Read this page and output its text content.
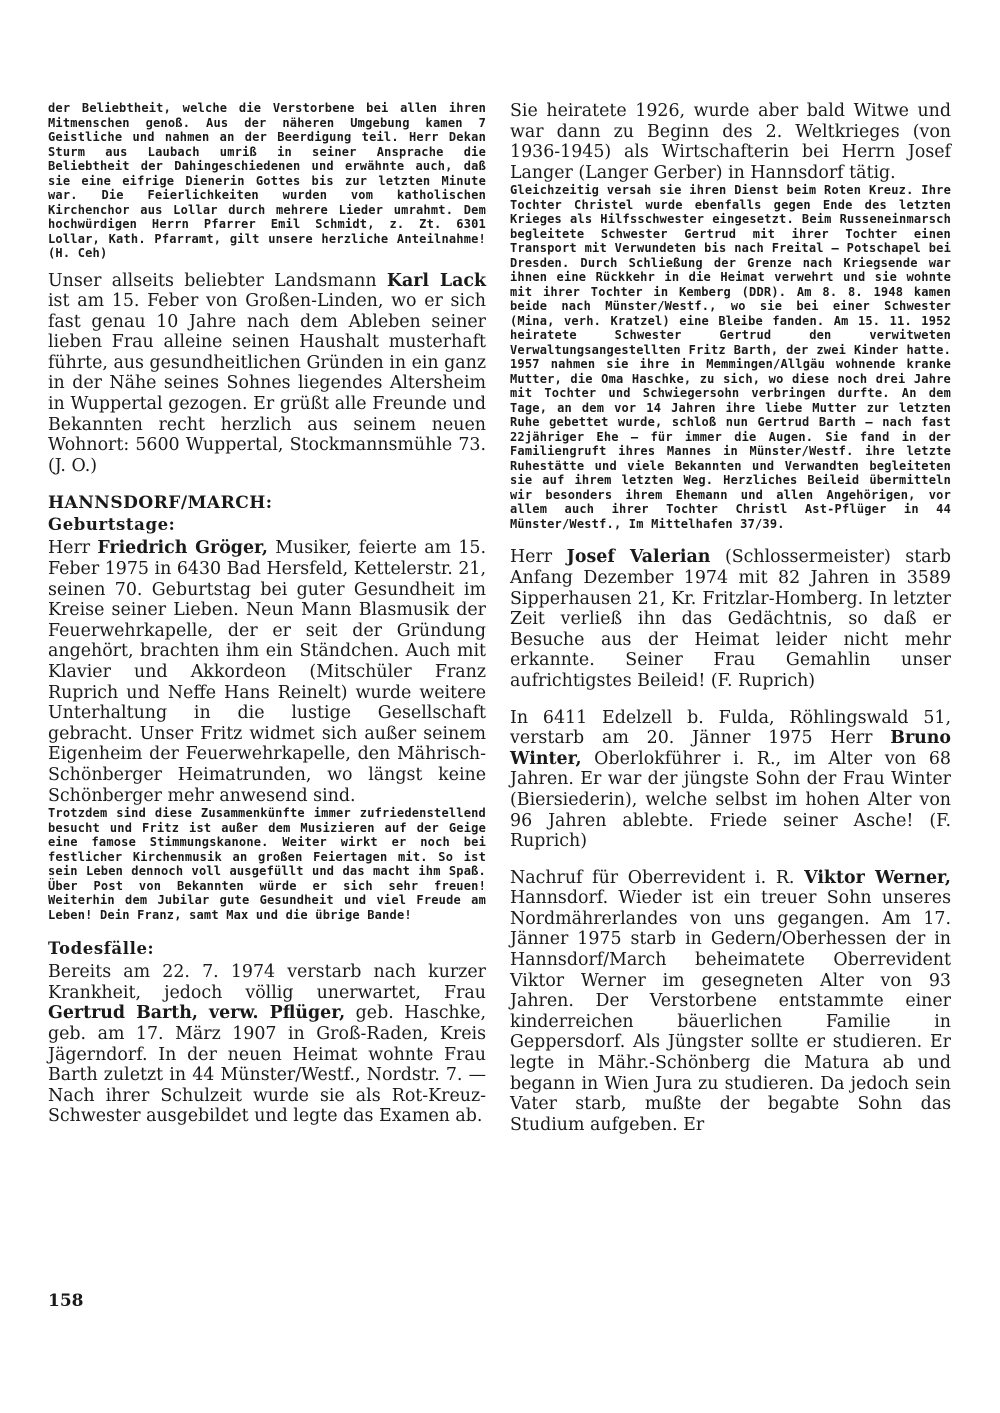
der Beliebtheit, welche die Verstorbene bei allen ihren Mitmenschen genoß. Aus der näheren Umgebung kamen 7 Geistliche und nahmen an der Beerdigung teil. Herr Dekan Sturm aus Laubach umriß in seiner Ansprache die Beliebtheit der Dahingeschiedenen und erwähnte auch, daß sie eine eifrige Dienerin Gottes bis zur letzten Minute war. Die Feierlichkeiten wurden vom katholischen Kirchenchor aus Lollar durch mehrere Lieder umrahmt. Dem hochwürdigen Herrn Pfarrer Emil Schmidt, z. Zt. 6301 Lollar, Kath. Pfarramt, gilt unsere herzliche Anteilnahme! (H. Ceh)

Unser allseits beliebter Landsmann Karl Lack ist am 15. Feber von Großen-Linden, wo er sich fast genau 10 Jahre nach dem Ableben seiner lieben Frau alleine seinen Haushalt musterhaft führte, aus gesundheitlichen Gründen in ein ganz in der Nähe seines Sohnes liegendes Altersheim in Wuppertal gezogen. Er grüßt alle Freunde und Bekannten recht herzlich aus seinem neuen Wohnort: 5600 Wuppertal, Stockmannsmühle 73. (J. O.)

HANNSDORF/MARCH:

Geburtstage:

Herr Friedrich Gröger, Musiker, feierte am 15. Feber 1975 in 6430 Bad Hersfeld, Kettelerstr. 21, seinen 70. Geburtstag bei guter Gesundheit im Kreise seiner Lieben. Neun Mann Blasmusik der Feuerwehrkapelle, der er seit der Gründung angehört, brachten ihm ein Ständchen. Auch mit Klavier und Akkordeon (Mitschüler Franz Ruprich und Neffe Hans Reinelt) wurde weitere Unterhaltung in die lustige Gesellschaft gebracht. Unser Fritz widmet sich außer seinem Eigenheim der Feuerwehrkapelle, den Mährisch-Schönberger Heimatrunden, wo längst keine Schönberger mehr anwesend sind.

Trotzdem sind diese Zusammenkünfte immer zufriedenstellend besucht und Fritz ist außer dem Musizieren auf der Geige eine famose Stimmungskanone. Weiter wirkt er noch bei festlicher Kirchenmusik an großen Feiertagen mit. So ist sein Leben dennoch voll ausgefüllt und das macht ihm Spaß. Über Post von Bekannten würde er sich sehr freuen! Weiterhin dem Jubilar gute Gesundheit und viel Freude am Leben! Dein Franz, samt Max und die übrige Bande!

Todesfälle:

Bereits am 22. 7. 1974 verstarb nach kurzer Krankheit, jedoch völlig unerwartet, Frau Gertrud Barth, verw. Pflüger, geb. Haschke, geb. am 17. März 1907 in Groß-Raden, Kreis Jägerndorf. In der neuen Heimat wohnte Frau Barth zuletzt in 44 Münster/Westf., Nordstr. 7. — Nach ihrer Schulzeit wurde sie als Rot-Kreuz-Schwester ausgebildet und legte das Examen ab.

Sie heiratete 1926, wurde aber bald Witwe und war dann zu Beginn des 2. Weltkrieges (von 1936-1945) als Wirtschafterin bei Herrn Josef Langer (Langer Gerber) in Hannsdorf tätig.

Gleichzeitig versah sie ihren Dienst beim Roten Kreuz. Ihre Tochter Christel wurde ebenfalls gegen Ende des letzten Krieges als Hilfsschwester eingesetzt. Beim Russeneinmarsch begleitete Schwester Gertrud mit ihrer Tochter einen Transport mit Verwundeten bis nach Freital — Potschapel bei Dresden. Durch Schließung der Grenze nach Kriegsende war ihnen eine Rückkehr in die Heimat verwehrt und sie wohnte mit ihrer Tochter in Kemberg (DDR). Am 8. 8. 1948 kamen beide nach Münster/Westf., wo sie bei einer Schwester (Mina, verh. Kratzel) eine Bleibe fanden. Am 15. 11. 1952 heiratete Schwester Gertrud den verwitweten Verwaltungsangestellten Fritz Barth, der zwei Kinder hatte. 1957 nahmen sie ihre in Memmingen/Allgäu wohnende kranke Mutter, die Oma Haschke, zu sich, wo diese noch drei Jahre mit Tochter und Schwiegersohn verbringen durfte. An dem Tage, an dem vor 14 Jahren ihre liebe Mutter zur letzten Ruhe gebettet wurde, schloß nun Gertrud Barth — nach fast 22jähriger Ehe — für immer die Augen. Sie fand in der Familiengruft ihres Mannes in Münster/Westf. ihre letzte Ruhestätte und viele Bekannten und Verwandten begleiteten sie auf ihrem letzten Weg. Herzliches Beileid übermitteln wir besonders ihrem Ehemann und allen Angehörigen, vor allem auch ihrer Tochter Christl Ast-Pflüger in 44 Münster/Westf., Im Mittelhafen 37/39.

Herr Josef Valerian (Schlossermeister) starb Anfang Dezember 1974 mit 82 Jahren in 3589 Sipperhausen 21, Kr. Fritzlar-Homberg. In letzter Zeit verließ ihn das Gedächtnis, so daß er Besuche aus der Heimat leider nicht mehr erkannte. Seiner Frau Gemahlin unser aufrichtigstes Beileid! (F. Ruprich)

In 6411 Edelzell b. Fulda, Röhlingswald 51, verstarb am 20. Jänner 1975 Herr Bruno Winter, Oberlokführer i. R., im Alter von 68 Jahren. Er war der jüngste Sohn der Frau Winter (Biersiederin), welche selbst im hohen Alter von 96 Jahren ablebte. Friede seiner Asche! (F. Ruprich)

Nachruf für Oberrevident i. R. Viktor Werner, Hannsdorf. Wieder ist ein treuer Sohn unseres Nordmährerlandes von uns gegangen. Am 17. Jänner 1975 starb in Gedern/Oberhessen der in Hannsdorf/March beheimatete Oberrevident Viktor Werner im gesegneten Alter von 93 Jahren. Der Verstorbene entstammte einer kinderreichen bäuerlichen Familie in Geppersdorf. Als Jüngster sollte er studieren. Er legte in Mähr.-Schönberg die Matura ab und begann in Wien Jura zu studieren. Da jedoch sein Vater starb, mußte der begabte Sohn das Studium aufgeben. Er

158
